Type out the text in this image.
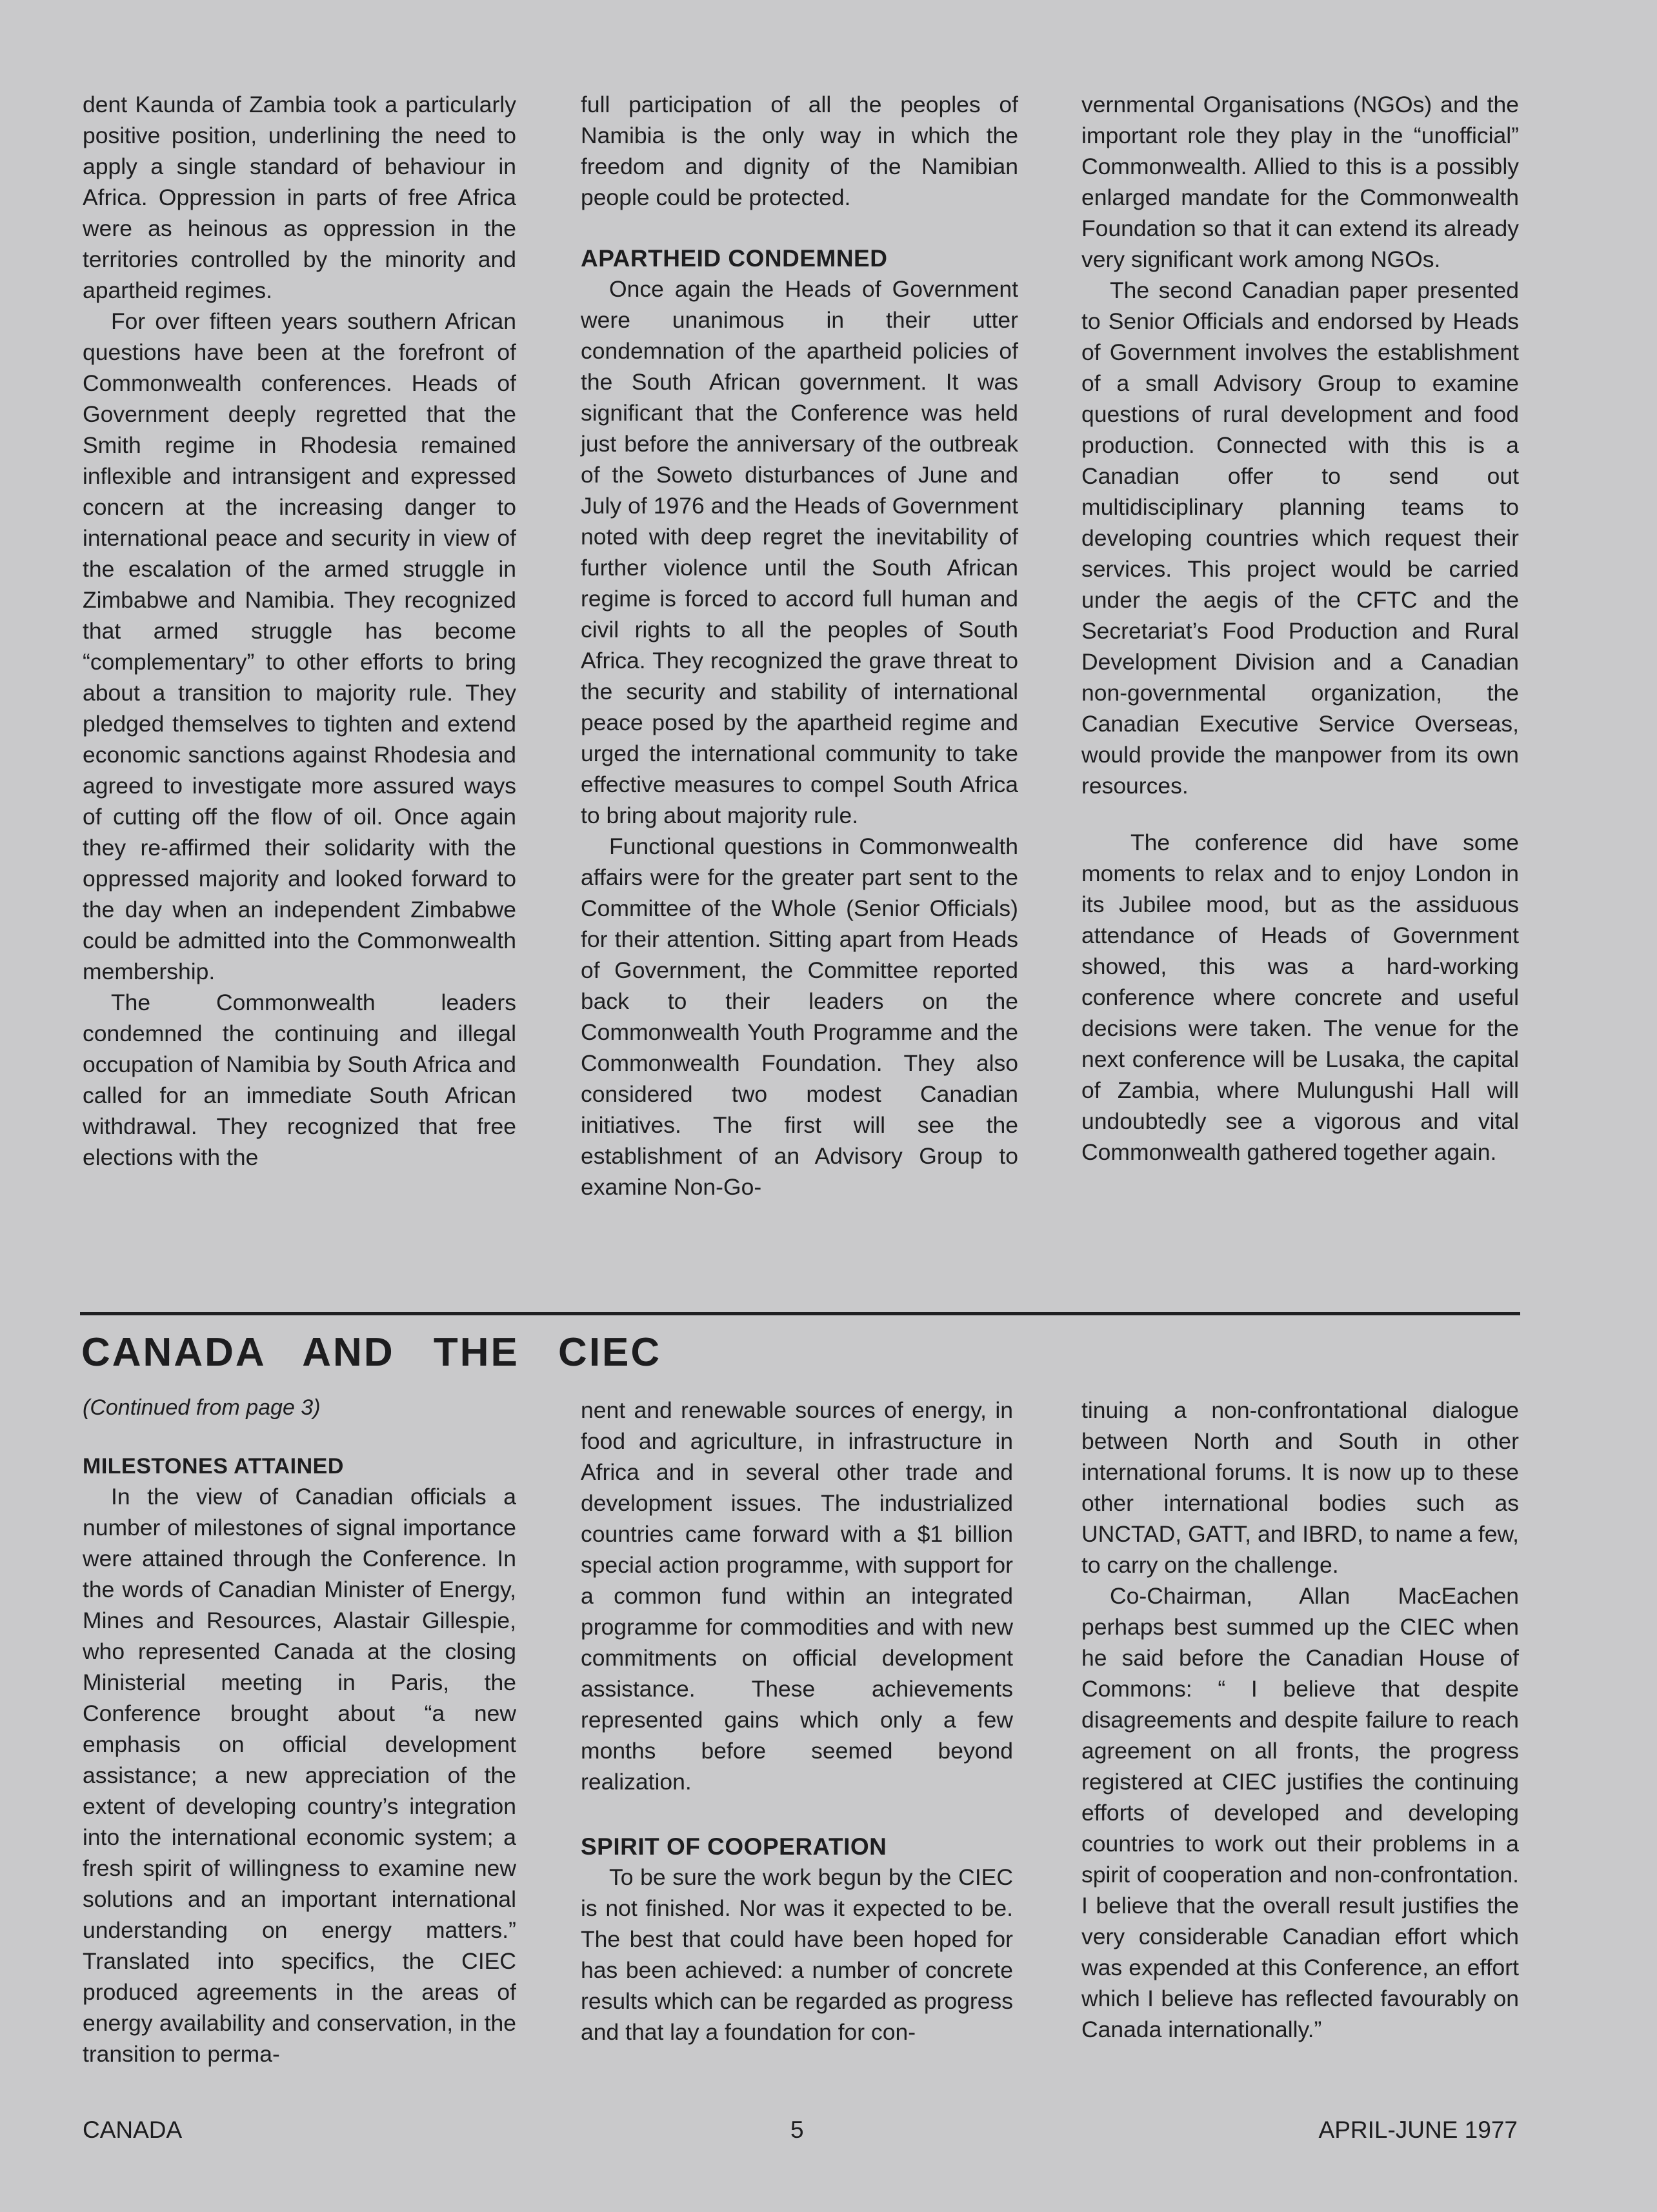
dent Kaunda of Zambia took a particularly positive position, underlining the need to apply a single standard of behaviour in Africa. Oppression in parts of free Africa were as heinous as oppression in the territories controlled by the minority and apartheid regimes.

For over fifteen years southern African questions have been at the forefront of Commonwealth conferences. Heads of Government deeply regretted that the Smith regime in Rhodesia remained inflexible and intransigent and expressed concern at the increasing danger to international peace and security in view of the escalation of the armed struggle in Zimbabwe and Namibia. They recognized that armed struggle has become “complementary” to other efforts to bring about a transition to majority rule. They pledged themselves to tighten and extend economic sanctions against Rhodesia and agreed to investigate more assured ways of cutting off the flow of oil. Once again they re-affirmed their solidarity with the oppressed majority and looked forward to the day when an independent Zimbabwe could be admitted into the Commonwealth membership.

The Commonwealth leaders condemned the continuing and illegal occupation of Namibia by South Africa and called for an immediate South African withdrawal. They recognized that free elections with the

full participation of all the peoples of Namibia is the only way in which the freedom and dignity of the Namibian people could be protected.

APARTHEID CONDEMNED

Once again the Heads of Government were unanimous in their utter condemnation of the apartheid policies of the South African government. It was significant that the Conference was held just before the anniversary of the outbreak of the Soweto disturbances of June and July of 1976 and the Heads of Government noted with deep regret the inevitability of further violence until the South African regime is forced to accord full human and civil rights to all the peoples of South Africa. They recognized the grave threat to the security and stability of international peace posed by the apartheid regime and urged the international community to take effective measures to compel South Africa to bring about majority rule.

Functional questions in Commonwealth affairs were for the greater part sent to the Committee of the Whole (Senior Officials) for their attention. Sitting apart from Heads of Government, the Committee reported back to their leaders on the Commonwealth Youth Programme and the Commonwealth Foundation. They also considered two modest Canadian initiatives. The first will see the establishment of an Advisory Group to examine Non-Go-

vernmental Organisations (NGOs) and the important role they play in the “unofficial” Commonwealth. Allied to this is a possibly enlarged mandate for the Commonwealth Foundation so that it can extend its already very significant work among NGOs.

The second Canadian paper presented to Senior Officials and endorsed by Heads of Government involves the establishment of a small Advisory Group to examine questions of rural development and food production. Connected with this is a Canadian offer to send out multidisciplinary planning teams to developing countries which request their services. This project would be carried under the aegis of the CFTC and the Secretariat’s Food Production and Rural Development Division and a Canadian non-governmental organization, the Canadian Executive Service Overseas, would provide the manpower from its own resources.

The conference did have some moments to relax and to enjoy London in its Jubilee mood, but as the assiduous attendance of Heads of Government showed, this was a hard-working conference where concrete and useful decisions were taken. The venue for the next conference will be Lusaka, the capital of Zambia, where Mulungushi Hall will undoubtedly see a vigorous and vital Commonwealth gathered together again.

CANADA AND THE CIEC
(Continued from page 3)
MILESTONES ATTAINED

In the view of Canadian officials a number of milestones of signal importance were attained through the Conference. In the words of Canadian Minister of Energy, Mines and Resources, Alastair Gillespie, who represented Canada at the closing Ministerial meeting in Paris, the Conference brought about “a new emphasis on official development assistance; a new appreciation of the extent of developing country’s integration into the international economic system; a fresh spirit of willingness to examine new solutions and an important international understanding on energy matters.” Translated into specifics, the CIEC produced agreements in the areas of energy availability and conservation, in the transition to perma-

nent and renewable sources of energy, in food and agriculture, in infrastructure in Africa and in several other trade and development issues. The industrialized countries came forward with a $1 billion special action programme, with support for a common fund within an integrated programme for commodities and with new commitments on official development assistance. These achievements represented gains which only a few months before seemed beyond realization.

SPIRIT OF COOPERATION

To be sure the work begun by the CIEC is not finished. Nor was it expected to be. The best that could have been hoped for has been achieved: a number of concrete results which can be regarded as progress and that lay a foundation for con-

tinuing a non-confrontational dialogue between North and South in other international forums. It is now up to these other international bodies such as UNCTAD, GATT, and IBRD, to name a few, to carry on the challenge.

Co-Chairman, Allan MacEachen perhaps best summed up the CIEC when he said before the Canadian House of Commons: “ I believe that despite disagreements and despite failure to reach agreement on all fronts, the progress registered at CIEC justifies the continuing efforts of developed and developing countries to work out their problems in a spirit of cooperation and non-confrontation. I believe that the overall result justifies the very considerable Canadian effort which was expended at this Conference, an effort which I believe has reflected favourably on Canada internationally.”

CANADA	5	APRIL-JUNE 1977
